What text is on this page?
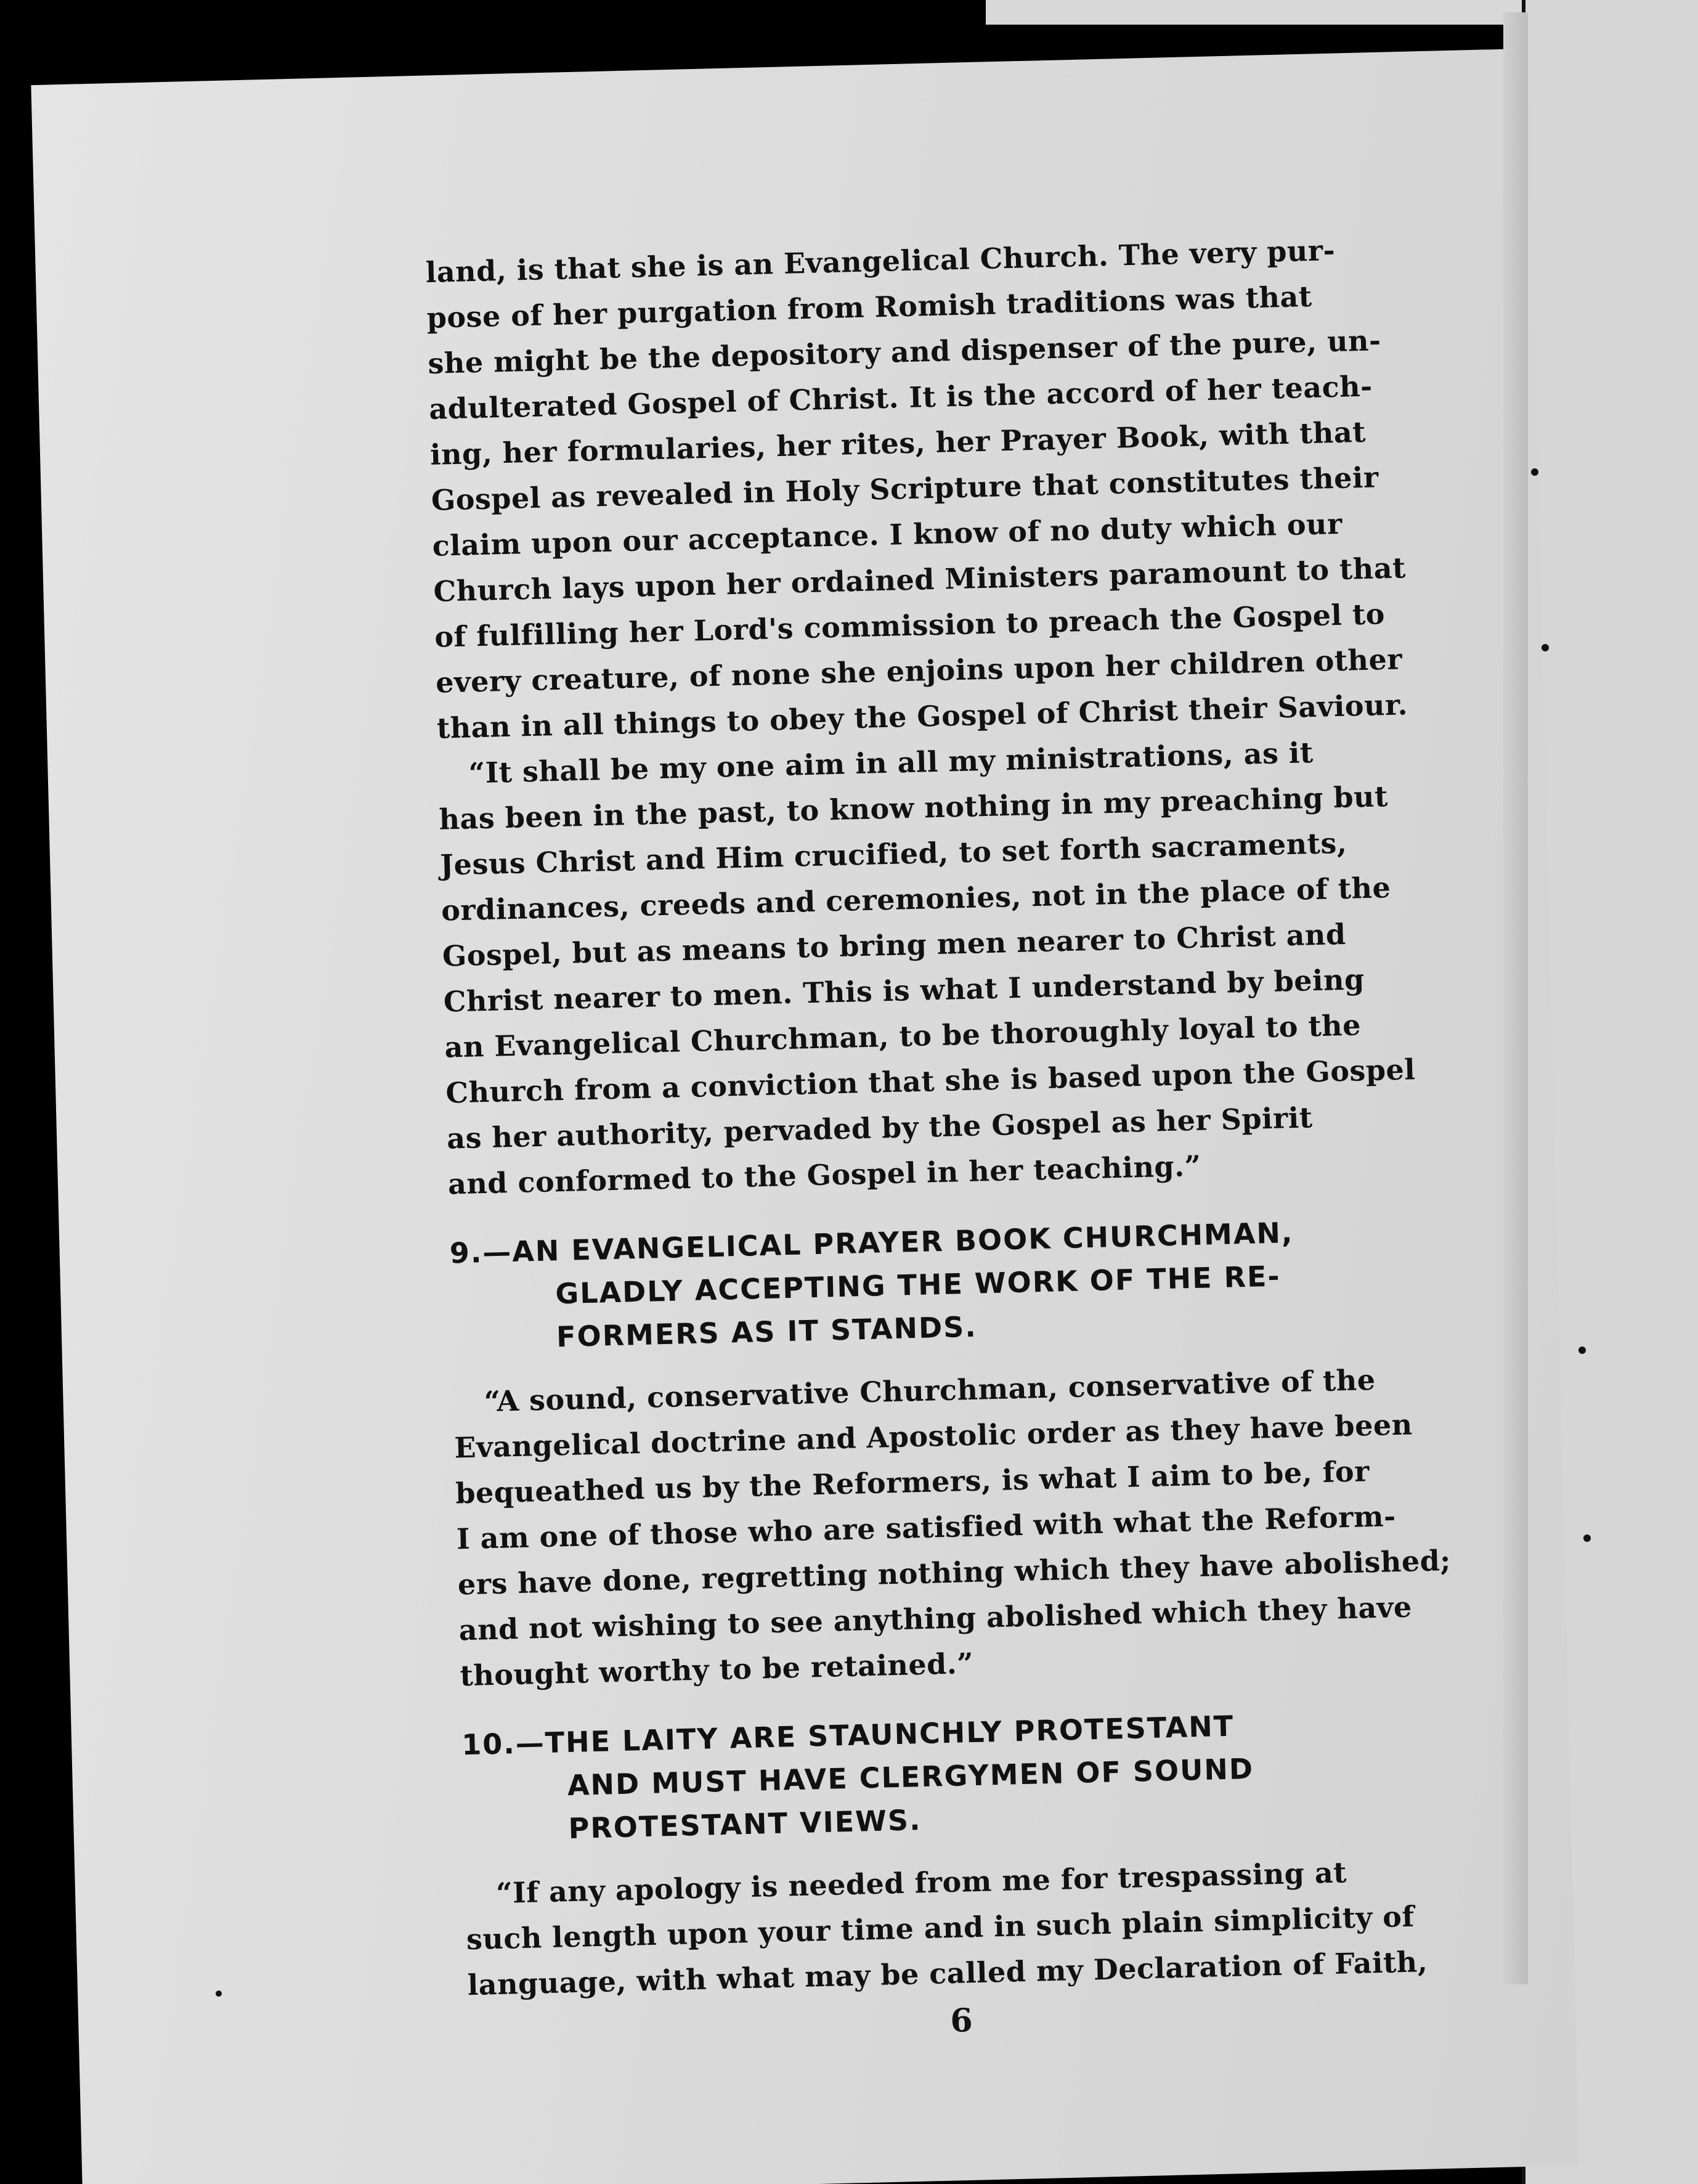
land, is that she is an Evangelical Church. The very pur-
pose of her purgation from Romish traditions was that
she might be the depository and dispenser of the pure, un-
adulterated Gospel of Christ. It is the accord of her teach-
ing, her formularies, her rites, her Prayer Book, with that
Gospel as revealed in Holy Scripture that constitutes their
claim upon our acceptance. I know of no duty which our
Church lays upon her ordained Ministers paramount to that
of fulfilling her Lord's commission to preach the Gospel to
every creature, of none she enjoins upon her children other
than in all things to obey the Gospel of Christ their Saviour.

“It shall be my one aim in all my ministrations, as it
has been in the past, to know nothing in my preaching but
Jesus Christ and Him crucified, to set forth sacraments,
ordinances, creeds and ceremonies, not in the place of the
Gospel, but as means to bring men nearer to Christ and
Christ nearer to men. This is what I understand by being
an Evangelical Churchman, to be thoroughly loyal to the
Church from a conviction that she is based upon the Gospel
as her authority, pervaded by the Gospel as her Spirit
and conformed to the Gospel in her teaching.”

9.—AN EVANGELICAL PRAYER BOOK CHURCHMAN,
GLADLY ACCEPTING THE WORK OF THE RE-
FORMERS AS IT STANDS.

“A sound, conservative Churchman, conservative of the
Evangelical doctrine and Apostolic order as they have been
bequeathed us by the Reformers, is what I aim to be, for
I am one of those who are satisfied with what the Reform-
ers have done, regretting nothing which they have abolished;
and not wishing to see anything abolished which they have
thought worthy to be retained.”

10.—THE LAITY ARE STAUNCHLY PROTESTANT
AND MUST HAVE CLERGYMEN OF SOUND
PROTESTANT VIEWS.

“If any apology is needed from me for trespassing at
such length upon your time and in such plain simplicity of
language, with what may be called my Declaration of Faith,

6
